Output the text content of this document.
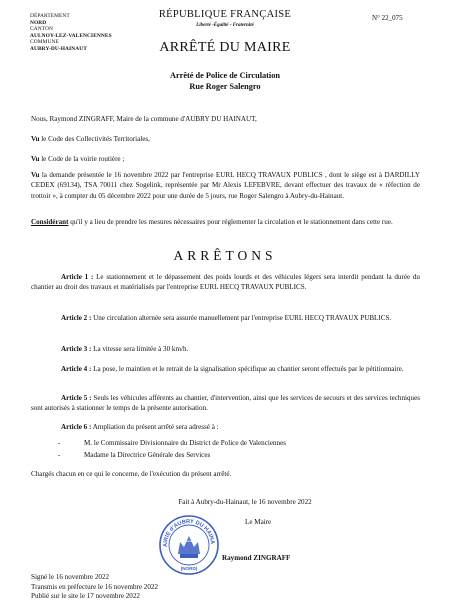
DÉPARTEMENT
NORD
CANTON
AULNOY-LEZ-VALENCIENNES
COMMUNE
AUBRY-DU-HAINAUT
RÉPUBLIQUE FRANÇAISE
Liberté -Égalité - Fraternité
N° 22_075
ARRÊTÉ DU MAIRE
Arrêté de Police de Circulation
Rue Roger Salengro
Nous, Raymond ZINGRAFF, Maire de la commune d'AUBRY DU HAINAUT,
Vu le Code des Collectivités Territoriales,
Vu le Code de la voirie routière ;
Vu la demande présentée le 16 novembre 2022 par l'entreprise EURL HECQ TRAVAUX PUBLICS , dont le siège est à DARDILLY CEDEX (69134), TSA 70011 chez Sogelink, représentée par Mr Alexis LEFEBVRE, devant effectuer des travaux de « réfection de trottoir », à compter du 05 décembre 2022 pour une durée de 5 jours, rue Roger Salengro à Aubry-du-Hainaut.
Considérant qu'il y a lieu de prendre les mesures nécessaires pour réglementer la circulation et le stationnement dans cette rue.
ARRÊTONS
Article 1 : Le stationnement et le dépassement des poids lourds et des véhicules légers sera interdit pendant la durée du chantier au droit des travaux et matérialisés par l'entreprise EURL HECQ TRAVAUX PUBLICS.
Article 2 : Une circulation alternée sera assurée manuellement par l'entreprise EURL HECQ TRAVAUX PUBLICS.
Article 3 : La vitesse sera limitée à 30 km/h.
Article 4 : La pose, le maintien et le retrait de la signalisation spécifique au chantier seront effectués par le pétitionnaire.
Article 5 : Seuls les véhicules afférents au chantier, d'intervention, ainsi que les services de secours et des services techniques sont autorisés à stationner le temps de la présente autorisation.
Article 6 : Ampliation du présent arrêté sera adressé à :
-	M. le Commissaire Divisionnaire du District de Police de Valenciennes
-	Madame la Directrice Générale des Services
Chargés chacun en ce qui le concerne, de l'exécution du présent arrêté.
Fait à Aubry-du-Hainaut, le 16 novembre 2022
Le Maire
AIRIE d'AUBRY DU HAINA
(NORD)
Raymond ZINGRAFF
Signé le 16 novembre 2022
Transmis en préfecture le 16 novembre 2022
Publié sur le site le 17 novembre 2022
